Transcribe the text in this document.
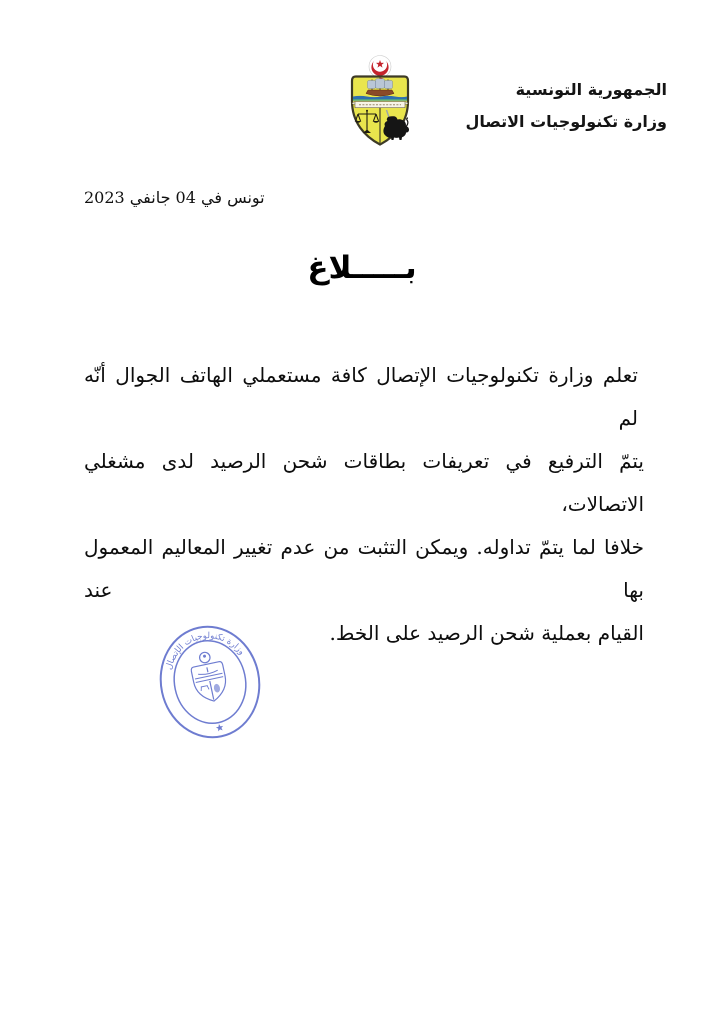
الجمهورية التونسية
وزارة تكنولوجيات الاتصال
تونس في 04 جانفي 2023
بـــــلاغ
تعلم وزارة تكنولوجيات الإتصال كافة مستعملي الهاتف الجوال أنّه لم
يتمّ الترفيع في تعريفات بطاقات شحن الرصيد لدى مشغلي الاتصالات،
خلافا لما يتمّ تداوله. ويمكن التثبت من عدم تغيير المعاليم المعمول بها عند
القيام بعملية شحن الرصيد على الخط.
وزارة تكنولوجيات الإتصال
